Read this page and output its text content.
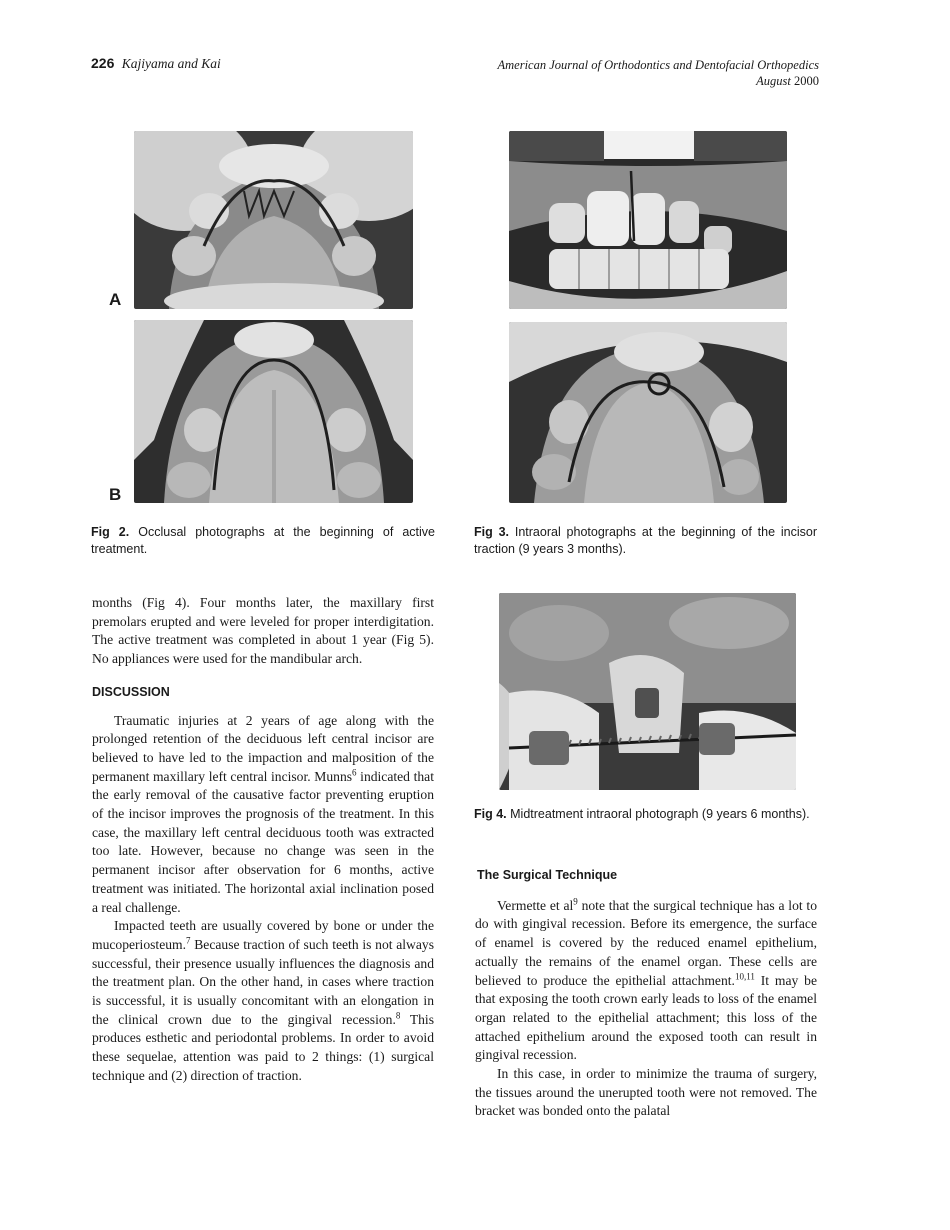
226 Kajiyama and Kai	American Journal of Orthodontics and Dentofacial Orthopedics
August 2000
A
B
Fig 2. Occlusal photographs at the beginning of active treatment.
Fig 3. Intraoral photographs at the beginning of the incisor traction (9 years 3 months).
Fig 4. Midtreatment intraoral photograph (9 years 6 months).

months (Fig 4). Four months later, the maxillary first premolars erupted and were leveled for proper interdigitation. The active treatment was completed in about 1 year (Fig 5). No appliances were used for the mandibular arch.

DISCUSSION

Traumatic injuries at 2 years of age along with the prolonged retention of the deciduous left central incisor are believed to have led to the impaction and malposition of the permanent maxillary left central incisor. Munns$^6$ indicated that the early removal of the causative factor preventing eruption of the incisor improves the prognosis of the treatment. In this case, the maxillary left central deciduous tooth was extracted too late. However, because no change was seen in the permanent incisor after observation for 6 months, active treatment was initiated. The horizontal axial inclination posed a real challenge.

Impacted teeth are usually covered by bone or under the mucoperiosteum.$^7$ Because traction of such teeth is not always successful, their presence usually influences the diagnosis and the treatment plan. On the other hand, in cases where traction is successful, it is usually concomitant with an elongation in the clinical crown due to the gingival recession.$^8$ This produces esthetic and periodontal problems. In order to avoid these sequelae, attention was paid to 2 things: (1) surgical technique and (2) direction of traction.

The Surgical Technique

Vermette et $al^9$ note that the surgical technique has a lot to do with gingival recession. Before its emergence, the surface of enamel is covered by the reduced enamel epithelium, actually the remains of the enamel organ. These cells are believed to produce the epithelial attachment.$^{10,11}$ It may be that exposing the tooth crown early leads to loss of the enamel organ related to the epithelial attachment; this loss of the attached epithelium around the exposed tooth can result in gingival recession.

In this case, in order to minimize the trauma of surgery, the tissues around the unerupted tooth were not removed. The bracket was bonded onto the palatal
